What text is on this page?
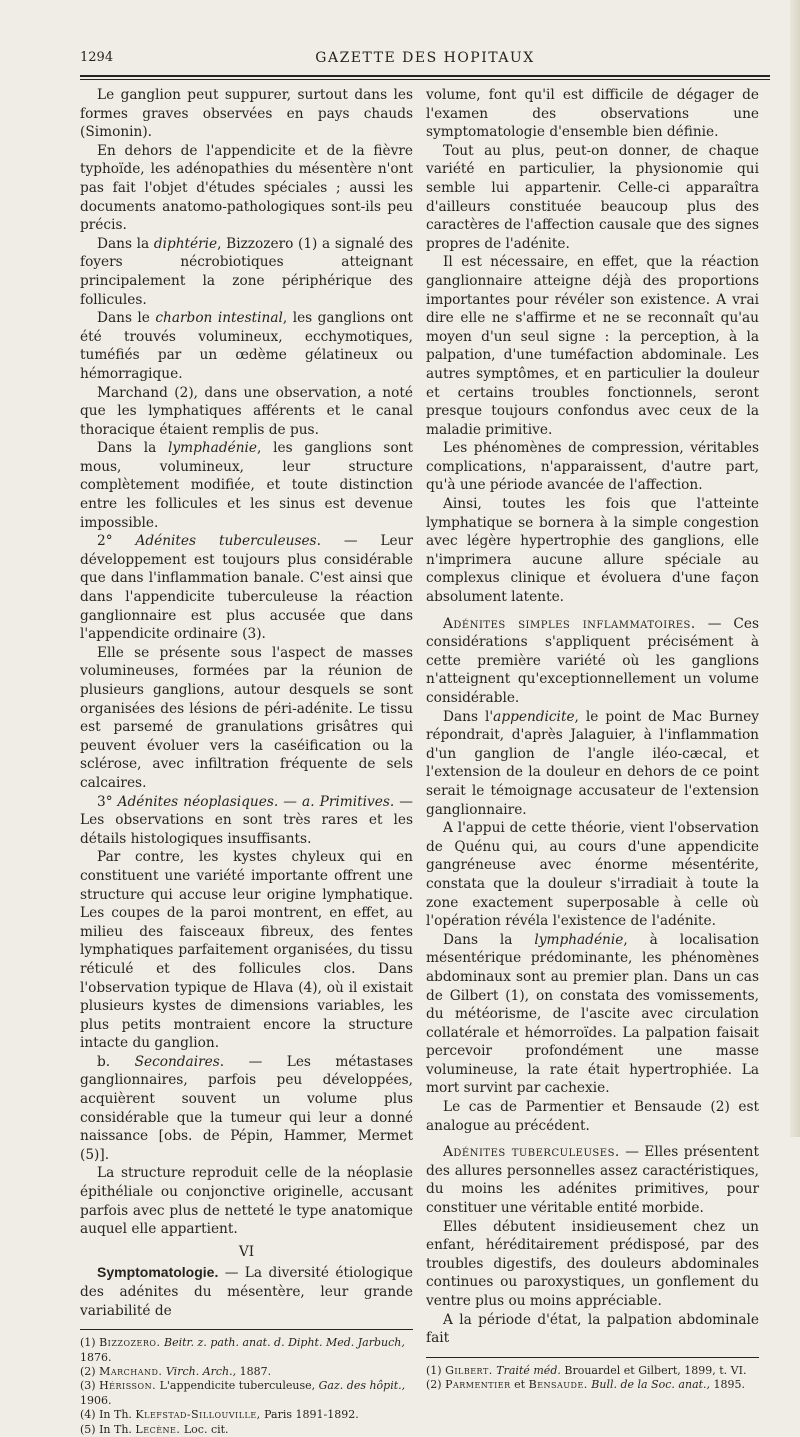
1294	GAZETTE DES HOPITAUX

Le ganglion peut suppurer, surtout dans les formes graves observées en pays chauds (Simonin).

En dehors de l'appendicite et de la fièvre typhoïde, les adénopathies du mésentère n'ont pas fait l'objet d'études spéciales ; aussi les documents anatomo-pathologiques sont-ils peu précis.

Dans la diphtérie, Bizzozero (1) a signalé des foyers nécrobiotiques atteignant principalement la zone périphérique des follicules.

Dans le charbon intestinal, les ganglions ont été trouvés volumineux, ecchymotiques, tuméfiés par un œdème gélatineux ou hémorragique.

Marchand (2), dans une observation, a noté que les lymphatiques afférents et le canal thoracique étaient remplis de pus.

Dans la lymphadénie, les ganglions sont mous, volumineux, leur structure complètement modifiée, et toute distinction entre les follicules et les sinus est devenue impossible.

2° Adénites tuberculeuses. — Leur développement est toujours plus considérable que dans l'inflammation banale. C'est ainsi que dans l'appendicite tuberculeuse la réaction ganglionnaire est plus accusée que dans l'appendicite ordinaire (3).

Elle se présente sous l'aspect de masses volumineuses, formées par la réunion de plusieurs ganglions, autour desquels se sont organisées des lésions de péri-adénite. Le tissu est parsemé de granulations grisâtres qui peuvent évoluer vers la caséification ou la sclérose, avec infiltration fréquente de sels calcaires.

3° Adénites néoplasiques. — a. Primitives. — Les observations en sont très rares et les détails histologiques insuffisants.

Par contre, les kystes chyleux qui en constituent une variété importante offrent une structure qui accuse leur origine lymphatique. Les coupes de la paroi montrent, en effet, au milieu des faisceaux fibreux, des fentes lymphatiques parfaitement organisées, du tissu réticulé et des follicules clos. Dans l'observation typique de Hlava (4), où il existait plusieurs kystes de dimensions variables, les plus petits montraient encore la structure intacte du ganglion.

b. Secondaires. — Les métastases ganglionnaires, parfois peu développées, acquièrent souvent un volume plus considérable que la tumeur qui leur a donné naissance [obs. de Pépin, Hammer, Mermet (5)].

La structure reproduit celle de la néoplasie épithéliale ou conjonctive originelle, accusant parfois avec plus de netteté le type anatomique auquel elle appartient.

VI

Symptomatologie. — La diversité étiologique des adénites du mésentère, leur grande variabilité de

(1) Bizzozero. Beitr. z. path. anat. d. Dipht. Med. Jarbuch, 1876.

(2) Marchand. Virch. Arch., 1887.

(3) Hérisson. L'appendicite tuberculeuse, Gaz. des hôpit., 1906.

(4) In Th. Klefstad-Sillouville, Paris 1891-1892.

(5) In Th. Lecène. Loc. cit.

volume, font qu'il est difficile de dégager de l'examen des observations une symptomatologie d'ensemble bien définie.

Tout au plus, peut-on donner, de chaque variété en particulier, la physionomie qui semble lui appartenir. Celle-ci apparaîtra d'ailleurs constituée beaucoup plus des caractères de l'affection causale que des signes propres de l'adénite.

Il est nécessaire, en effet, que la réaction ganglionnaire atteigne déjà des proportions importantes pour révéler son existence. A vrai dire elle ne s'affirme et ne se reconnaît qu'au moyen d'un seul signe : la perception, à la palpation, d'une tuméfaction abdominale. Les autres symptômes, et en particulier la douleur et certains troubles fonctionnels, seront presque toujours confondus avec ceux de la maladie primitive.

Les phénomènes de compression, véritables complications, n'apparaissent, d'autre part, qu'à une période avancée de l'affection.

Ainsi, toutes les fois que l'atteinte lymphatique se bornera à la simple congestion avec légère hypertrophie des ganglions, elle n'imprimera aucune allure spéciale au complexus clinique et évoluera d'une façon absolument latente.

Adénites simples inflammatoires. — Ces considérations s'appliquent précisément à cette première variété où les ganglions n'atteignent qu'exceptionnellement un volume considérable.

Dans l'appendicite, le point de Mac Burney répondrait, d'après Jalaguier, à l'inflammation d'un ganglion de l'angle iléo-cæcal, et l'extension de la douleur en dehors de ce point serait le témoignage accusateur de l'extension ganglionnaire.

A l'appui de cette théorie, vient l'observation de Quénu qui, au cours d'une appendicite gangréneuse avec énorme mésentérite, constata que la douleur s'irradiait à toute la zone exactement superposable à celle où l'opération révéla l'existence de l'adénite.

Dans la lymphadénie, à localisation mésentérique prédominante, les phénomènes abdominaux sont au premier plan. Dans un cas de Gilbert (1), on constata des vomissements, du météorisme, de l'ascite avec circulation collatérale et hémorroïdes. La palpation faisait percevoir profondément une masse volumineuse, la rate était hypertrophiée. La mort survint par cachexie.

Le cas de Parmentier et Bensaude (2) est analogue au précédent.

Adénites tuberculeuses. — Elles présentent des allures personnelles assez caractéristiques, du moins les adénites primitives, pour constituer une véritable entité morbide.

Elles débutent insidieusement chez un enfant, héréditairement prédisposé, par des troubles digestifs, des douleurs abdominales continues ou paroxystiques, un gonflement du ventre plus ou moins appréciable.

A la période d'état, la palpation abdominale fait

(1) Gilbert. Traité méd. Brouardel et Gilbert, 1899, t. VI.

(2) Parmentier et Bensaude. Bull. de la Soc. anat., 1895.
